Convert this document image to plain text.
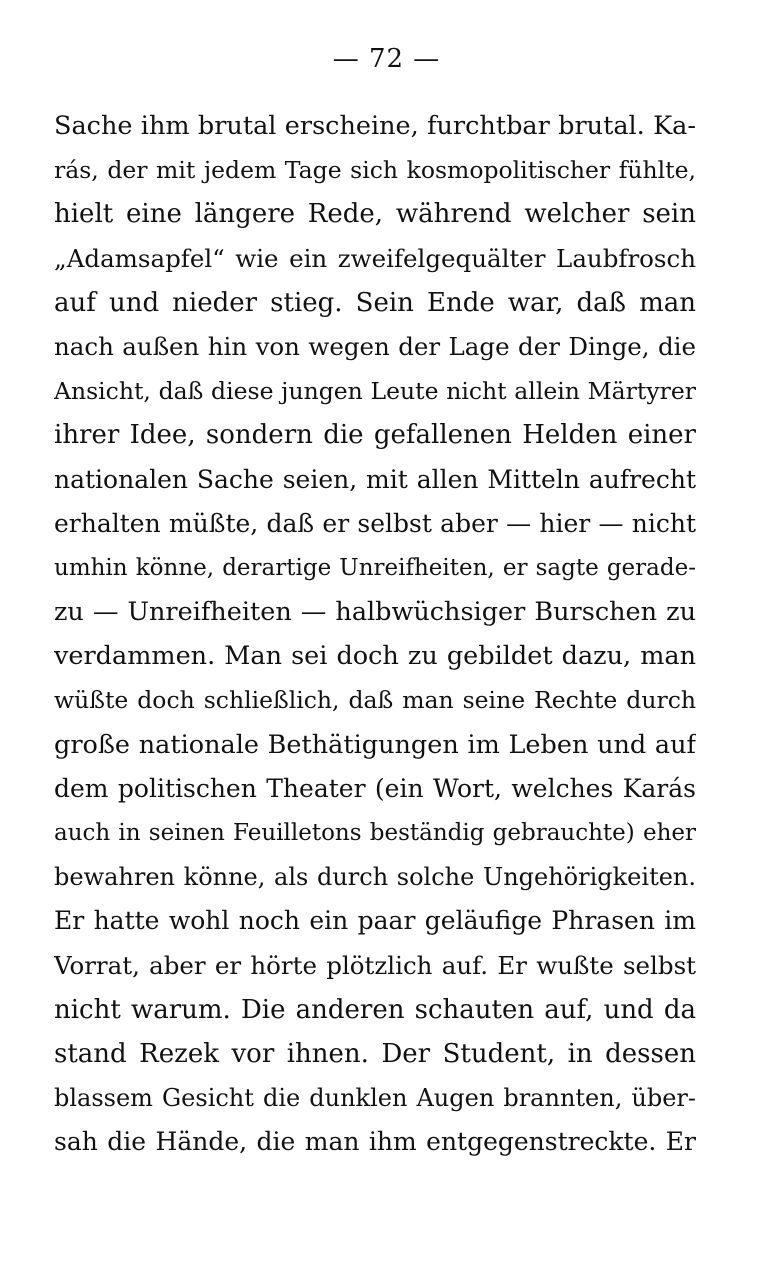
— 72 —
Sache ihm brutal erscheine, furchtbar brutal. Ka-
rás, der mit jedem Tage sich kosmopolitischer fühlte,
hielt eine längere Rede, während welcher sein
„Adamsapfel“ wie ein zweifelgequälter Laubfrosch
auf und nieder stieg. Sein Ende war, daß man
nach außen hin von wegen der Lage der Dinge, die
Ansicht, daß diese jungen Leute nicht allein Märtyrer
ihrer Idee, sondern die gefallenen Helden einer
nationalen Sache seien, mit allen Mitteln aufrecht
erhalten müßte, daß er selbst aber — hier — nicht
umhin könne, derartige Unreifheiten, er sagte gerade-
zu — Unreifheiten — halbwüchsiger Burschen zu
verdammen. Man sei doch zu gebildet dazu, man
wüßte doch schließlich, daß man seine Rechte durch
große nationale Bethätigungen im Leben und auf
dem politischen Theater (ein Wort, welches Karás
auch in seinen Feuilletons beständig gebrauchte) eher
bewahren könne, als durch solche Ungehörigkeiten.
Er hatte wohl noch ein paar geläufige Phrasen im
Vorrat, aber er hörte plötzlich auf. Er wußte selbst
nicht warum. Die anderen schauten auf, und da
stand Rezek vor ihnen. Der Student, in dessen
blassem Gesicht die dunklen Augen brannten, über-
sah die Hände, die man ihm entgegenstreckte. Er
